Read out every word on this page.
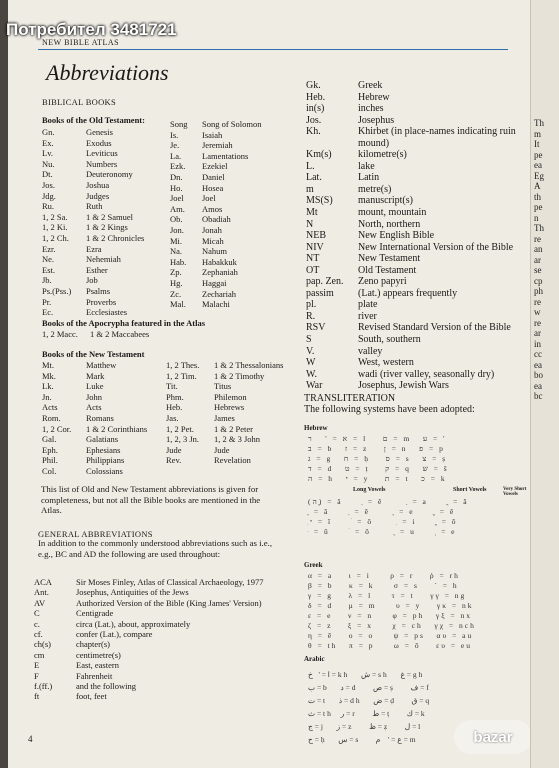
NEW BIBLE ATLAS
Abbreviations
BIBLICAL BOOKS
Books of the Old Testament:
Gn.	Genesis
Ex.	Exodus
Lv.	Leviticus
Nu.	Numbers
Dt.	Deuteronomy
Jos.	Joshua
Jdg.	Judges
Ru.	Ruth
1, 2 Sa.	1 & 2 Samuel
1, 2 Ki.	1 & 2 Kings
1, 2 Ch.	1 & 2 Chronicles
Ezr.	Ezra
Ne.	Nehemiah
Est.	Esther
Jb.	Job
Ps.(Pss.)	Psalms
Pr.	Proverbs
Ec.	Ecclesiastes
Song	Song of Solomon
Is.	Isaiah
Je.	Jeremiah
La.	Lamentations
Ezk.	Ezekiel
Dn.	Daniel
Ho.	Hosea
Joel	Joel
Am.	Amos
Ob.	Obadiah
Jon.	Jonah
Mi.	Micah
Na.	Nahum
Hab.	Habakkuk
Zp.	Zephaniah
Hg.	Haggai
Zc.	Zechariah
Mal.	Malachi
Books of the Apocrypha featured in the Atlas
1, 2 Macc.	1 & 2 Maccabees
Books of the New Testament
Mt.	Matthew
Mk.	Mark
Lk.	Luke
Jn.	John
Acts	Acts
Rom.	Romans
1, 2 Cor.	1 & 2 Corinthians
Gal.	Galatians
Eph.	Ephesians
Phil.	Philippians
Col.	Colossians
1, 2 Thes.	1 & 2 Thessalonians
1, 2 Tim.	1 & 2 Timothy
Tit.	Titus
Phm.	Philemon
Heb.	Hebrews
Jas.	James
1, 2 Pet.	1 & 2 Peter
1, 2, 3 Jn.	1, 2 & 3 John
Jude	Jude
Rev.	Revelation
This list of Old and New Testament abbreviations is given for completeness, but not all the Bible books are mentioned in the Atlas.
GENERAL ABBREVIATIONS
In addition to the commonly understood abbreviations such as i.e., e.g., BC and AD the following are used throughout:
ACA	Sir Moses Finley, Atlas of Classical Archaeology, 1977
Ant.	Josephus, Antiquities of the Jews
AV	Authorized Version of the Bible (King James' Version)
C	Centigrade
c.	circa (Lat.), about, approximately
cf.	confer (Lat.), compare
ch(s)	chapter(s)
cm	centimetre(s)
E	East, eastern
F	Fahrenheit
f.(ff.)	and the following
ft	foot, feet
Gk.	Greek
Heb.	Hebrew
in(s)	inches
Jos.	Josephus
Kh.	Khirbet (in place-names indicating ruin mound)
Km(s)	kilometre(s)
L.	lake
Lat.	Latin
m	metre(s)
MS(S)	manuscript(s)
Mt	mount, mountain
N	North, northern
NEB	New English Bible
NIV	New International Version of the Bible
NT	New Testament
OT	Old Testament
pap. Zen.	Zeno papyri
passim	(Lat.) appears frequently
pl.	plate
R.	river
RSV	Revised Standard Version of the Bible
S	South, southern
V.	valley
W	West, western
W.	wadi (river valley, seasonally dry)
War	Josephus, Jewish Wars
TRANSLITERATION
The following systems have been adopted:
Hebrew
א = '   ר = l    ם = m   ע = '
ב = b   ז = z    ן = n   פ = p
ג = g   ח = ḥ    ס = s   צ = ṣ
ד = d   ט = ṭ    ק = q   ש = š
ה = h   י = y    ת = t   כ = k
Long Vowels	Short Vowels	Very Short Vowels
(ה)ָ = â     ֵ = ê      ַ = a     ֲ = ă
ָ = ā     ֵ = ē      ֶ = e     ֱ = ĕ
ִי = î     ׁ = ô      ִ = i     ֳ = ŏ
ּ = û     ֹ = ō      ֻ = u     ְ = e
Greek
α = a    ι = i     ρ = r    ῥ = rh
β = b    κ = k     σ = s    ` = h
γ = g    λ = l     τ = t    γγ = ng
δ = d    μ = m     υ = y    γκ = nk
ε = e    ν = n     φ = ph   γξ = nx
ζ = z    ξ = x     χ = ch   γχ = nch
η = ē    ο = o     ψ = ps   αυ = au
θ = th   π = p     ω = ō    ευ = eu
Arabic
ا = '   خ = kh   ش = sh   غ = gh
ب = b   د = d    ص = ṣ    ف = f
ت = t   ذ = dh   ض = ḍ    ق = q
ث = th  ر = r    ط = ṭ    ك = k
ج = j   ز = z    ظ = ẓ    ل = l
ح = ḥ   س = s    ع = '    م = m
4	bazar
Th
m
It
pe
ea
Eg
A
th
pe
n
Th
re
an
ar
se
cp
ph
re
w
re
ar
in
cc
ea
bo
ea
bc
Потребител 3481721
